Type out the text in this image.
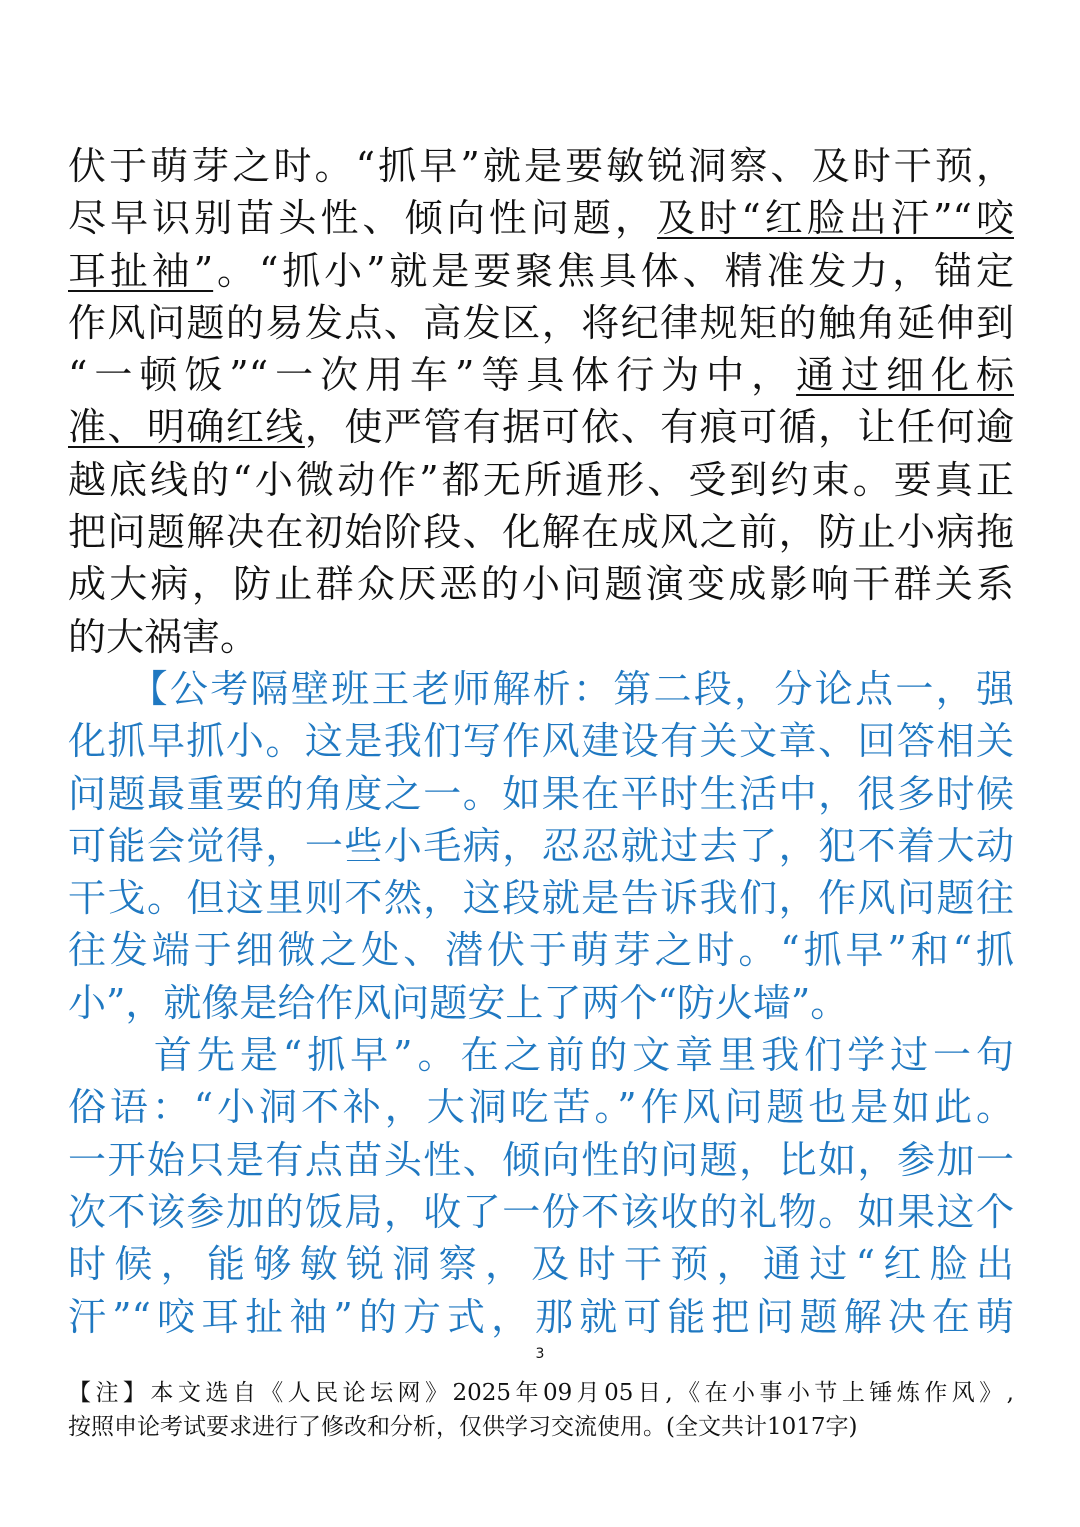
伏于萌芽之时。“抓早”就是要敏锐洞察、及时干预，
尽早识别苗头性、倾向性问题，及时“红脸出汗”“咬
耳扯袖”。“抓小”就是要聚焦具体、精准发力，锚定
作风问题的易发点、高发区，将纪律规矩的触角延伸到
“一顿饭”“一次用车”等具体行为中，通过细化标
准、明确红线，使严管有据可依、有痕可循，让任何逾
越底线的“小微动作”都无所遁形、受到约束。要真正
把问题解决在初始阶段、化解在成风之前，防止小病拖
成大病，防止群众厌恶的小问题演变成影响干群关系
的大祸害。
　　【公考隔壁班王老师解析：第二段，分论点一，强
化抓早抓小。这是我们写作风建设有关文章、回答相关
问题最重要的角度之一。如果在平时生活中，很多时候
可能会觉得，一些小毛病，忍忍就过去了，犯不着大动
干戈。但这里则不然，这段就是告诉我们，作风问题往
往发端于细微之处、潜伏于萌芽之时。“抓早”和“抓
小”，就像是给作风问题安上了两个“防火墙”。
　　首先是“抓早”。在之前的文章里我们学过一句
俗语：“小洞不补，大洞吃苦。”作风问题也是如此。
一开始只是有点苗头性、倾向性的问题，比如，参加一
次不该参加的饭局，收了一份不该收的礼物。如果这个
时候，能够敏锐洞察，及时干预，通过“红脸出
汗”“咬耳扯袖”的方式，那就可能把问题解决在萌
3
【注】本文选自《人民论坛网》2025年09月05日,《在小事小节上锤炼作风》,
按照申论考试要求进行了修改和分析，仅供学习交流使用。(全文共计1017字)
